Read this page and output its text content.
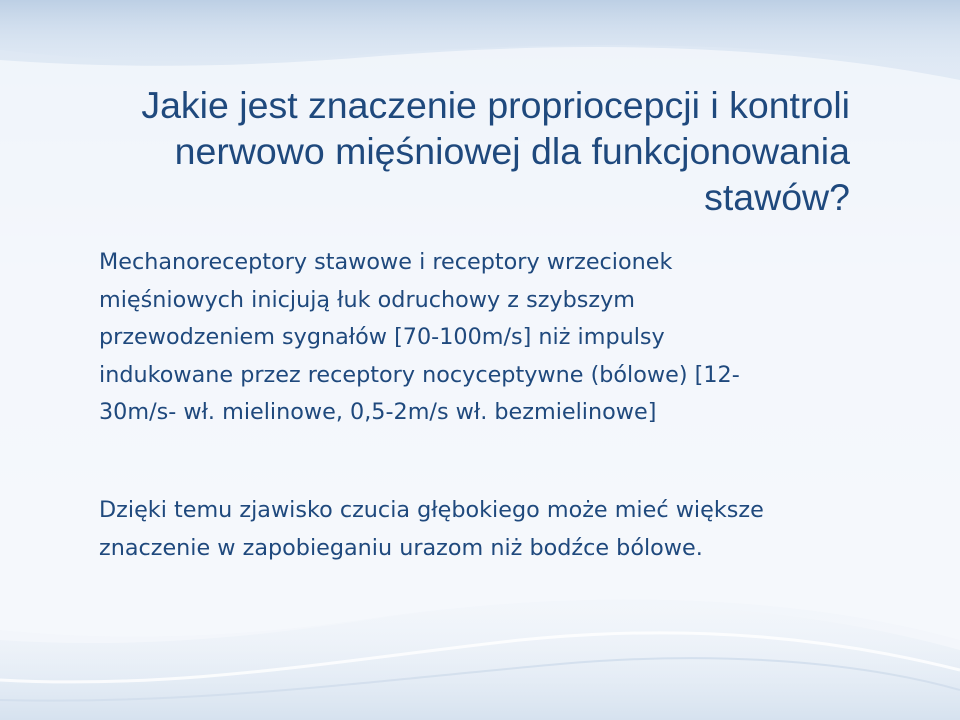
Jakie jest znaczenie propriocepcji i kontroli
nerwowo mięśniowej dla funkcjonowania
stawów?

Mechanoreceptory stawowe i receptory wrzecionek
mięśniowych inicjują łuk odruchowy z szybszym
przewodzeniem sygnałów [70-100m/s] niż impulsy
indukowane przez receptory nocyceptywne (bólowe) [12-
30m/s- wł. mielinowe, 0,5-2m/s wł. bezmielinowe]

Dzięki temu zjawisko czucia głębokiego może mieć większe
znaczenie w zapobieganiu urazom niż bodźce bólowe.
